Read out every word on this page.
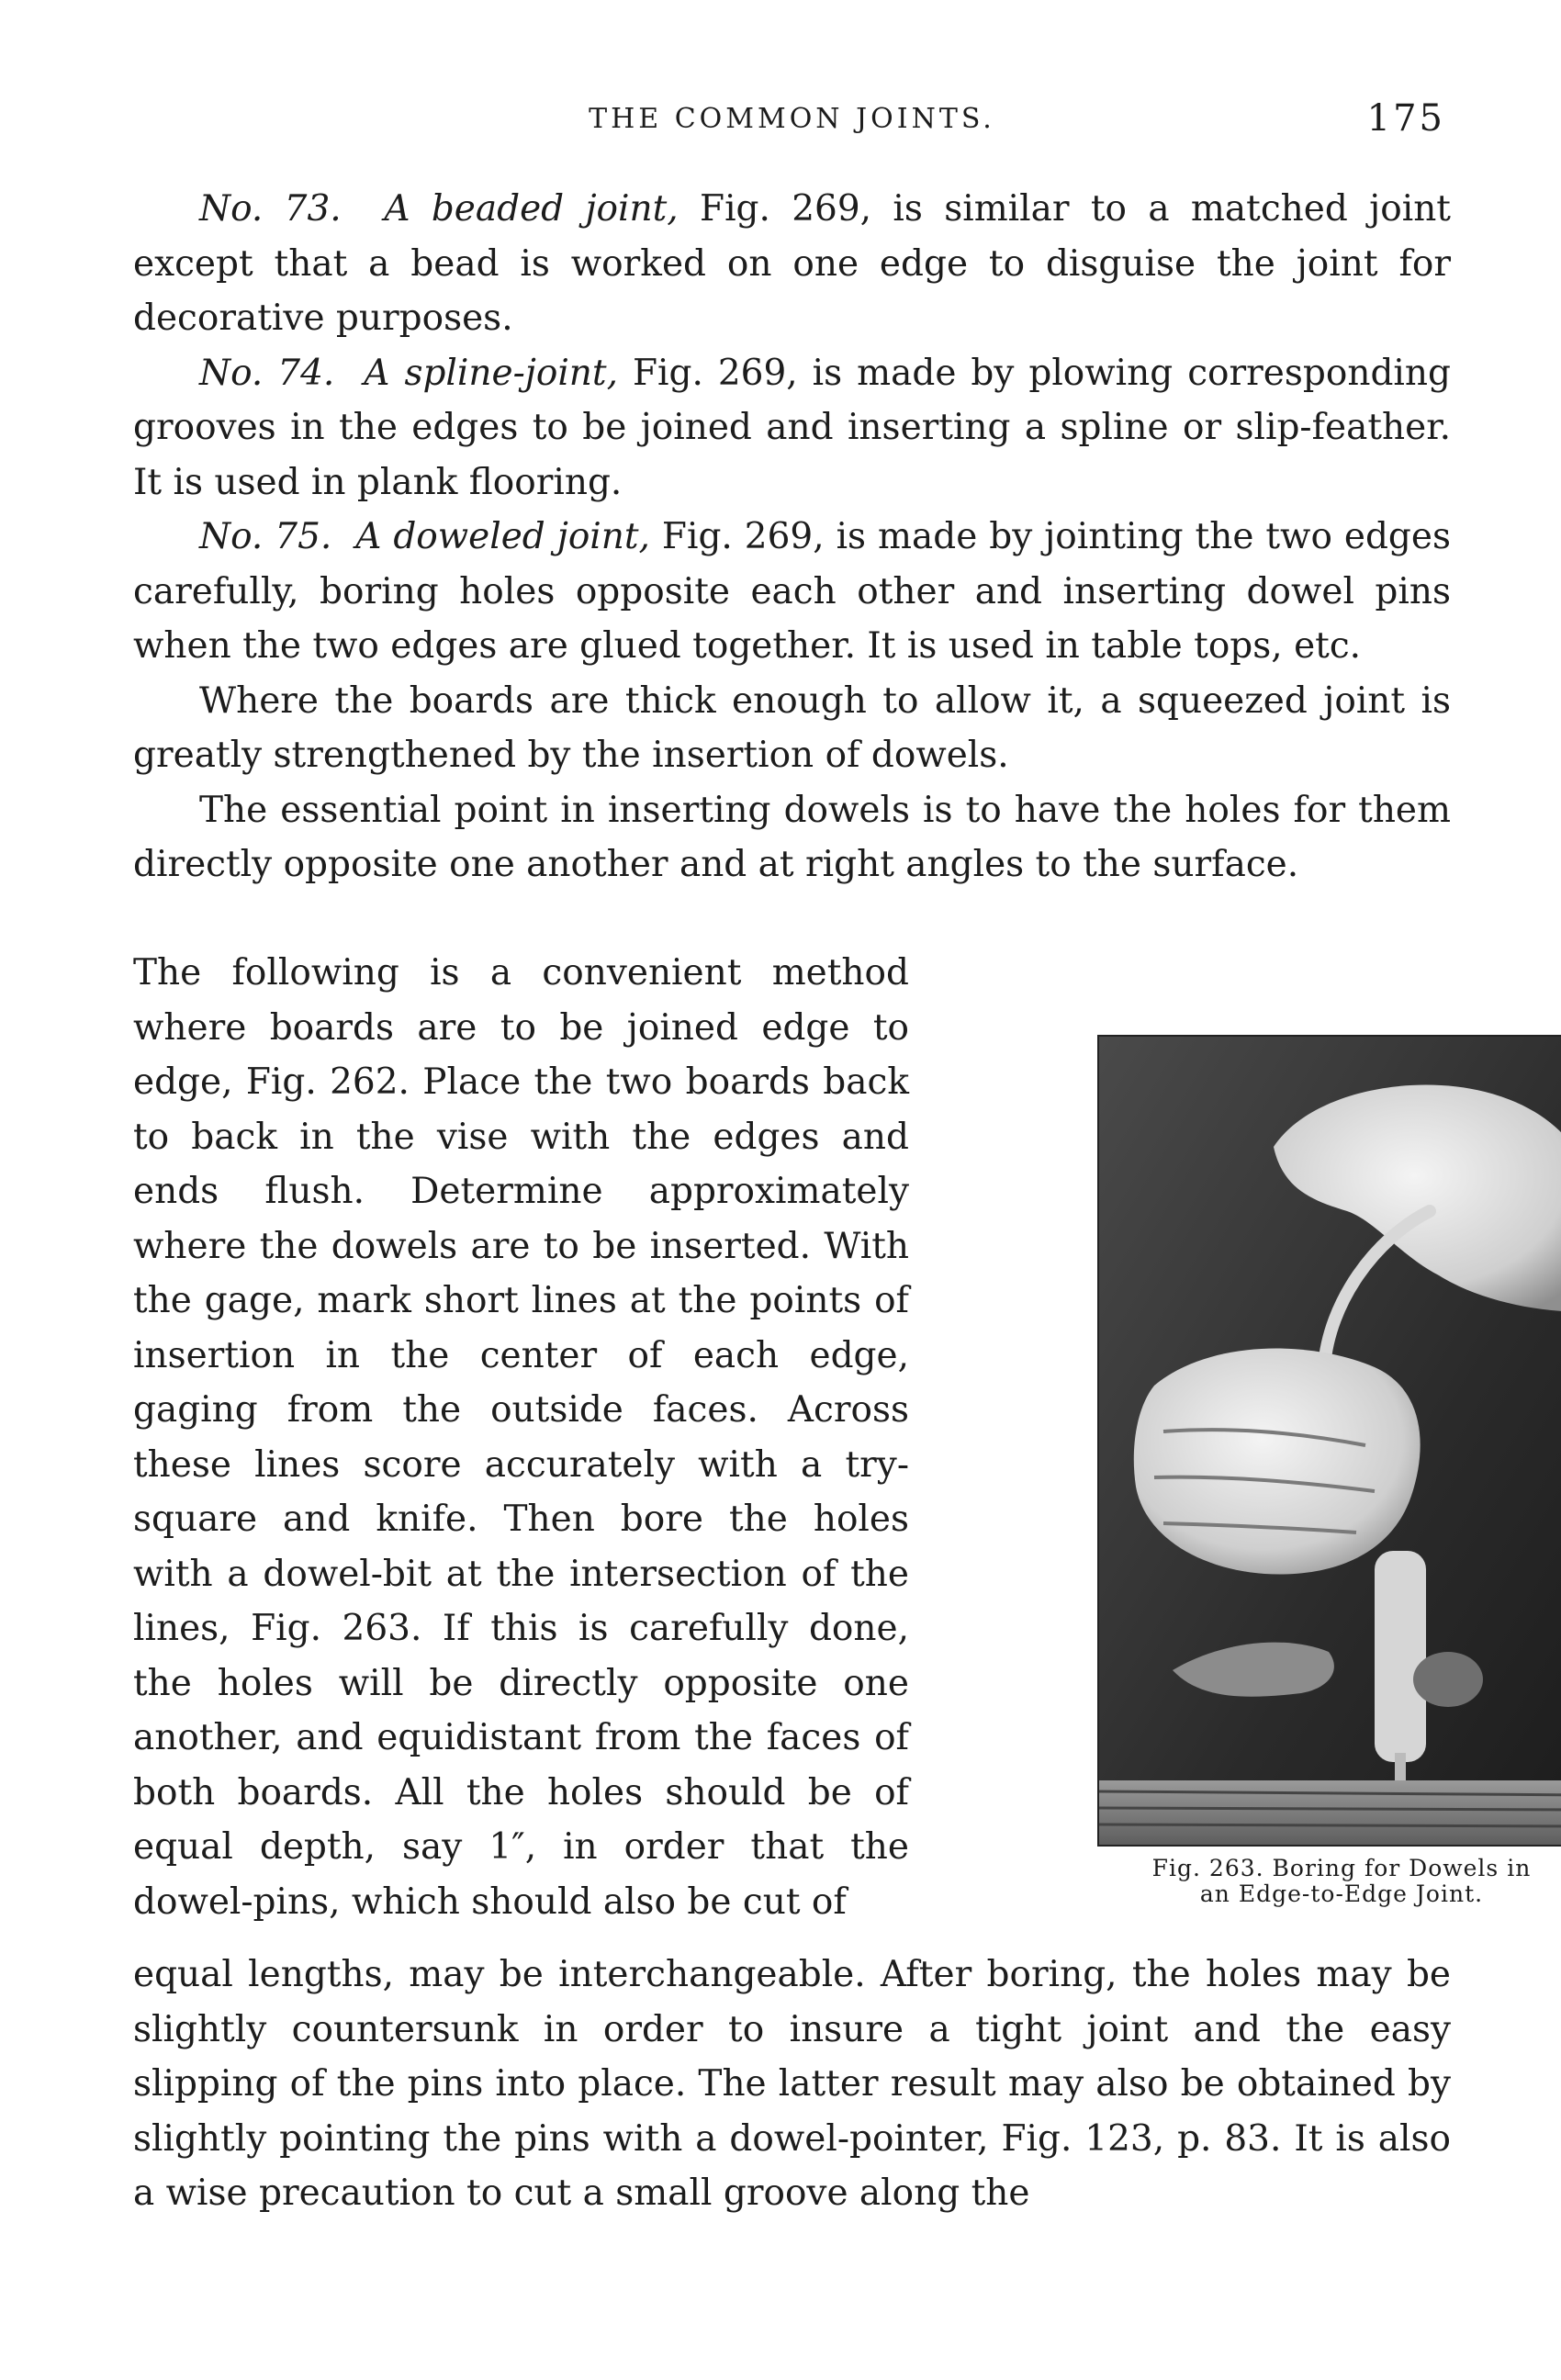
THE COMMON JOINTS.	175

No. 73. A beaded joint, Fig. 269, is similar to a matched joint except that a bead is worked on one edge to disguise the joint for decorative purposes.

No. 74. A spline-joint, Fig. 269, is made by plowing corresponding grooves in the edges to be joined and inserting a spline or slip-feather. It is used in plank flooring.

No. 75. A doweled joint, Fig. 269, is made by jointing the two edges carefully, boring holes opposite each other and inserting dowel pins when the two edges are glued together. It is used in table tops, etc.

Where the boards are thick enough to allow it, a squeezed joint is greatly strengthened by the insertion of dowels.

The essential point in inserting dowels is to have the holes for them directly opposite one another and at right angles to the surface.

The following is a convenient method where boards are to be joined edge to edge, Fig. 262. Place the two boards back to back in the vise with the edges and ends flush. Determine approximately where the dowels are to be inserted. With the gage, mark short lines at the points of insertion in the center of each edge, gaging from the outside faces. Across these lines score accurately with a try-square and knife. Then bore the holes with a dowel-bit at the intersection of the lines, Fig. 263. If this is carefully done, the holes will be directly opposite one another, and equidistant from the faces of both boards. All the holes should be of equal depth, say 1″, in order that the dowel-pins, which should also be cut of

Fig. 263. Boring for Dowels in
an Edge-to-Edge Joint.

equal lengths, may be interchangeable. After boring, the holes may be slightly countersunk in order to insure a tight joint and the easy slipping of the pins into place. The latter result may also be obtained by slightly pointing the pins with a dowel-pointer, Fig. 123, p. 83. It is also a wise precaution to cut a small groove along the
